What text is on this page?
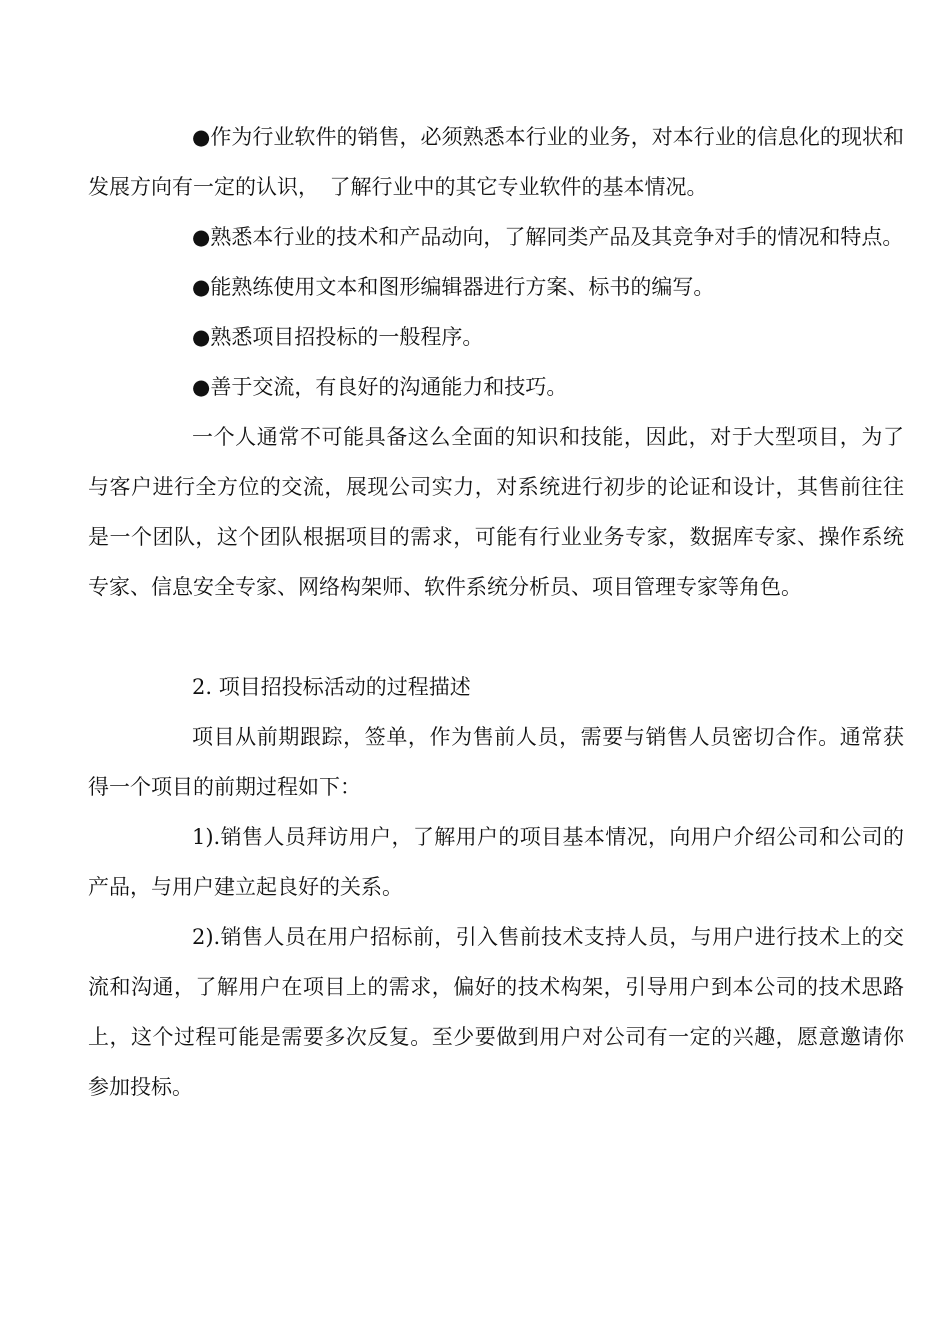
●作为行业软件的销售，必须熟悉本行业的业务，对本行业的信息化的现状和发展方向有一定的认识，　了解行业中的其它专业软件的基本情况。

●熟悉本行业的技术和产品动向，了解同类产品及其竞争对手的情况和特点。

●能熟练使用文本和图形编辑器进行方案、标书的编写。

●熟悉项目招投标的一般程序。

●善于交流，有良好的沟通能力和技巧。

一个人通常不可能具备这么全面的知识和技能，因此，对于大型项目，为了与客户进行全方位的交流，展现公司实力，对系统进行初步的论证和设计，其售前往往是一个团队，这个团队根据项目的需求，可能有行业业务专家，数据库专家、操作系统专家、信息安全专家、网络构架师、软件系统分析员、项目管理专家等角色。

2. 项目招投标活动的过程描述

项目从前期跟踪，签单，作为售前人员，需要与销售人员密切合作。通常获得一个项目的前期过程如下：

1).销售人员拜访用户，了解用户的项目基本情况，向用户介绍公司和公司的产品，与用户建立起良好的关系。

2).销售人员在用户招标前，引入售前技术支持人员，与用户进行技术上的交流和沟通，了解用户在项目上的需求，偏好的技术构架，引导用户到本公司的技术思路上，这个过程可能是需要多次反复。至少要做到用户对公司有一定的兴趣，愿意邀请你参加投标。
